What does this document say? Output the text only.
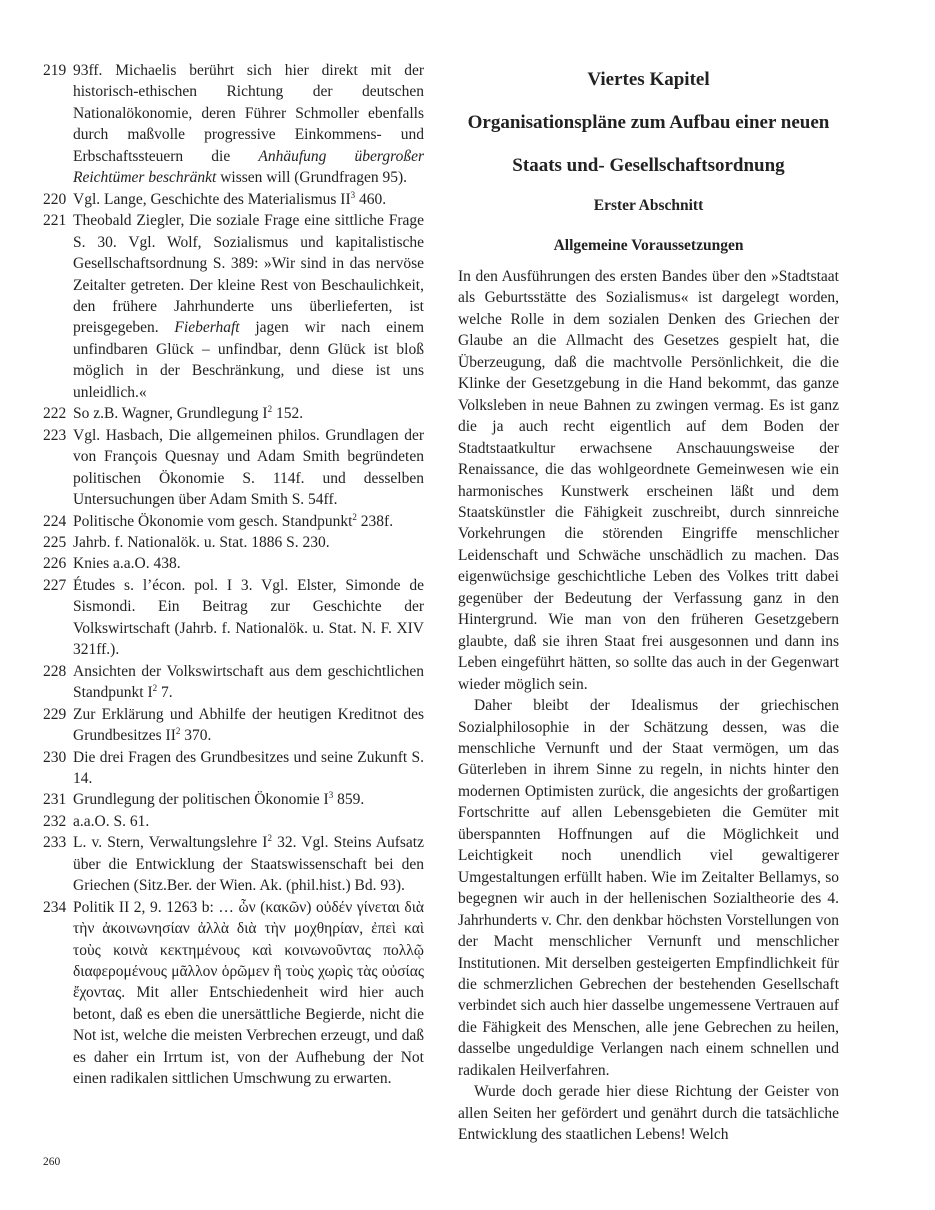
219 93ff. Michaelis berührt sich hier direkt mit der historisch-ethischen Richtung der deutschen Nationalökonomie, deren Führer Schmoller ebenfalls durch maßvolle progressive Einkommens- und Erbschaftssteuern die Anhäufung übergroßer Reichtümer beschränkt wissen will (Grundfragen 95).
220 Vgl. Lange, Geschichte des Materialismus $II^3$ 460.
221 Theobald Ziegler, Die soziale Frage eine sittliche Frage S. 30. Vgl. Wolf, Sozialismus und kapitalistische Gesellschaftsordnung S. 389: »Wir sind in das nervöse Zeitalter getreten. Der kleine Rest von Beschaulichkeit, den frühere Jahrhunderte uns überlieferten, ist preisgegeben. Fieberhaft jagen wir nach einem unfindbaren Glück – unfindbar, denn Glück ist bloß möglich in der Beschränkung, und diese ist uns unleidlich.«
222 So z.B. Wagner, Grundlegung $I^2$ 152.
223 Vgl. Hasbach, Die allgemeinen philos. Grundlagen der von François Quesnay und Adam Smith begründeten politischen Ökonomie S. 114f. und desselben Untersuchungen über Adam Smith S. 54ff.
224 Politische Ökonomie vom gesch. Standpunkt$^2$ 238f.
225 Jahrb. f. Nationalök. u. Stat. 1886 S. 230.
226 Knies a.a.O. 438.
227 Études s. l’écon. pol. I 3. Vgl. Elster, Simonde de Sismondi. Ein Beitrag zur Geschichte der Volkswirtschaft (Jahrb. f. Nationalök. u. Stat. N. F. XIV 321ff.).
228 Ansichten der Volkswirtschaft aus dem geschichtlichen Standpunkt $I^2$ 7.
229 Zur Erklärung und Abhilfe der heutigen Kreditnot des Grundbesitzes $II^2$ 370.
230 Die drei Fragen des Grundbesitzes und seine Zukunft S. 14.
231 Grundlegung der politischen Ökonomie $I^3$ 859.
232 a.a.O. S. 61.
233 L. v. Stern, Verwaltungslehre $I^2$ 32. Vgl. Steins Aufsatz über die Entwicklung der Staatswissenschaft bei den Griechen (Sitz.Ber. der Wien. Ak. (phil.hist.) Bd. 93).
234 Politik II 2, 9. 1263 b: … ὧν (κακῶν) οὐδέν γίνεται διὰ τὴν ἀκοινωνησίαν ἀλλὰ διὰ τὴν μοχθηρίαν, ἐπεὶ καὶ τοὺς κοινὰ κεκτημένους καὶ κοινωνοῦντας πολλῷ διαφερομένους μᾶλλον ὁρῶμεν ἢ τοὺς χωρὶς τὰς οὐσίας ἔχοντας. Mit aller Entschiedenheit wird hier auch betont, daß es eben die unersättliche Begierde, nicht die Not ist, welche die meisten Verbrechen erzeugt, und daß es daher ein Irrtum ist, von der Aufhebung der Not einen radikalen sittlichen Umschwung zu erwarten.
Viertes Kapitel
Organisationspläne zum Aufbau einer neuen
Staats und- Gesellschaftsordnung
Erster Abschnitt
Allgemeine Voraussetzungen

In den Ausführungen des ersten Bandes über den »Stadtstaat als Geburtsstätte des Sozialismus« ist dargelegt worden, welche Rolle in dem sozialen Denken des Griechen der Glaube an die Allmacht des Gesetzes gespielt hat, die Überzeugung, daß die machtvolle Persönlichkeit, die die Klinke der Gesetzgebung in die Hand bekommt, das ganze Volksleben in neue Bahnen zu zwingen vermag. Es ist ganz die ja auch recht eigentlich auf dem Boden der Stadtstaatkultur erwachsene Anschauungsweise der Renaissance, die das wohlgeordnete Gemeinwesen wie ein harmonisches Kunstwerk erscheinen läßt und dem Staatskünstler die Fähigkeit zuschreibt, durch sinnreiche Vorkehrungen die störenden Eingriffe menschlicher Leidenschaft und Schwäche unschädlich zu machen. Das eigenwüchsige geschichtliche Leben des Volkes tritt dabei gegenüber der Bedeutung der Verfassung ganz in den Hintergrund. Wie man von den früheren Gesetzgebern glaubte, daß sie ihren Staat frei ausgesonnen und dann ins Leben eingeführt hätten, so sollte das auch in der Gegenwart wieder möglich sein.

Daher bleibt der Idealismus der griechischen Sozialphilosophie in der Schätzung dessen, was die menschliche Vernunft und der Staat vermögen, um das Güterleben in ihrem Sinne zu regeln, in nichts hinter den modernen Optimisten zurück, die angesichts der großartigen Fortschritte auf allen Lebensgebieten die Gemüter mit überspannten Hoffnungen auf die Möglichkeit und Leichtigkeit noch unendlich viel gewaltigerer Umgestaltungen erfüllt haben. Wie im Zeitalter Bellamys, so begegnen wir auch in der hellenischen Sozialtheorie des 4. Jahrhunderts v. Chr. den denkbar höchsten Vorstellungen von der Macht menschlicher Vernunft und menschlicher Institutionen. Mit derselben gesteigerten Empfindlichkeit für die schmerzlichen Gebrechen der bestehenden Gesellschaft verbindet sich auch hier dasselbe ungemessene Vertrauen auf die Fähigkeit des Menschen, alle jene Gebrechen zu heilen, dasselbe ungeduldige Verlangen nach einem schnellen und radikalen Heilverfahren.

Wurde doch gerade hier diese Richtung der Geister von allen Seiten her gefördert und genährt durch die tatsächliche Entwicklung des staatlichen Lebens! Welch

260
